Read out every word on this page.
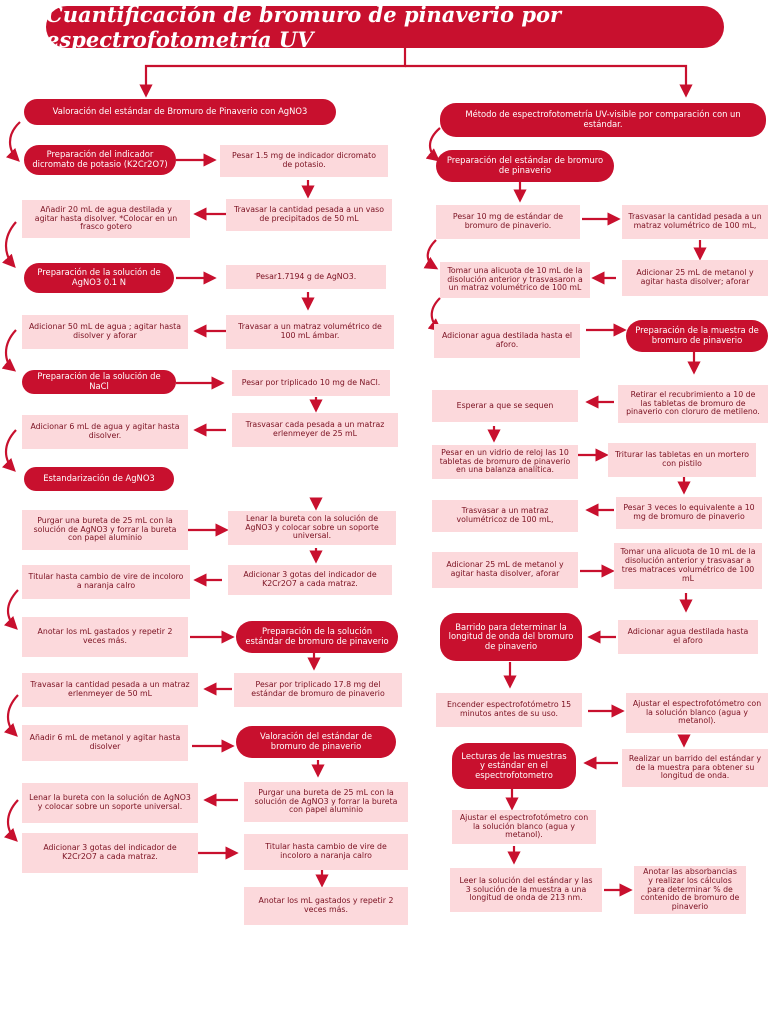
Cuantificación de bromuro de pinaverio por espectrofotometría UV
Valoración del estándar de Bromuro de Pinaverio con AgNO3
Preparación del indicador dicromato de potasio (K2Cr2O7)
Pesar 1.5 mg de indicador dicromato de potasio.
Travasar la cantidad pesada a un vaso de precipitados de 50 mL
Añadir 20 mL de agua destilada y agitar hasta disolver. *Colocar en un frasco gotero
Preparación de la solución de AgNO3 0.1 N
Pesar1.7194 g de AgNO3.
Travasar a un matraz volumétrico de 100 mL ámbar.
Adicionar 50 mL de agua ; agitar hasta disolver y aforar
Preparación de la solución de NaCl	Pesar por triplicado 10 mg de NaCl.
Trasvasar cada pesada a un matraz erlenmeyer de 25 mL
Adicionar 6 mL de agua y agitar hasta disolver.
Estandarización de AgNO3
Purgar una bureta de 25 mL con la solución de AgNO3 y forrar la bureta con papel aluminio
Lenar la bureta con la solución de AgNO3 y colocar sobre un soporte universal.
Adicionar 3 gotas del indicador de K2Cr2O7 a cada matraz.
Titular hasta cambio de vire de incoloro a naranja calro
Anotar los mL gastados y repetir 2 veces más.
Preparación de la solución estándar de bromuro de pinaverio
Pesar por triplicado 17.8 mg del estándar de bromuro de pinaverio
Travasar la cantidad pesada a un matraz erlenmeyer de 50 mL
Añadir 6 mL de metanol y agitar hasta disolver
Valoración del estándar de bromuro de pinaverio
Purgar una bureta de 25 mL con la solución de AgNO3 y forrar la bureta con papel aluminio
Lenar la bureta con la solución de AgNO3 y colocar sobre un soporte universal.
Adicionar 3 gotas del indicador de K2Cr2O7 a cada matraz.
Titular hasta cambio de vire de incoloro a naranja calro
Anotar los mL gastados y repetir 2 veces más.
Método de espectrofotometría UV-visible por comparación con un estándar.
Preparación del estándar de bromuro de pinaverio
Pesar 10 mg de estándar de bromuro de pinaverio.
Trasvasar la cantidad pesada a un matraz volumétrico de 100 mL,
Adicionar 25 mL de metanol y agitar hasta disolver; aforar
Tomar una alicuota de 10 mL de la disolución anterior y trasvasaron a un matraz volumétrico de 100 mL
Adicionar agua destilada hasta el aforo.
Preparación de la muestra de bromuro de pinaverio
Retirar el recubrimiento a 10 de las tabletas de bromuro de pinaverio con cloruro de metileno.
Esperar a que se sequen
Pesar en un vidrio de reloj las 10 tabletas de bromuro de pinaverio en una balanza analítica.
Triturar las tabletas en un mortero con pistilo
Pesar 3 veces lo equivalente a 10 mg de bromuro de pinaverio
Trasvasar a un matraz volumétricoz de 100 mL,
Adicionar 25 mL de metanol y agitar hasta disolver, aforar
Tomar una alicuota de 10 mL de la disolución anterior y trasvasar a tres matraces volumétrico de 100 mL
Adicionar agua destilada hasta el aforo
Barrido para determinar la longitud de onda del bromuro de pinaverio
Encender espectrofotómetro 15 minutos antes de su uso.
Ajustar el espectrofotómetro con la solución blanco (agua y metanol).
Realizar un barrido del estándar y de la muestra para obtener su longitud de onda.
Lecturas de las muestras y estándar en el espectrofotometro
Ajustar el espectrofotómetro con la solución blanco (agua y metanol).
Leer la solución del estándar y las 3 solución de la muestra a una longitud de onda de 213 nm.
Anotar las absorbancias y realizar los cálculos para determinar % de contenido de bromuro de pinaverio
